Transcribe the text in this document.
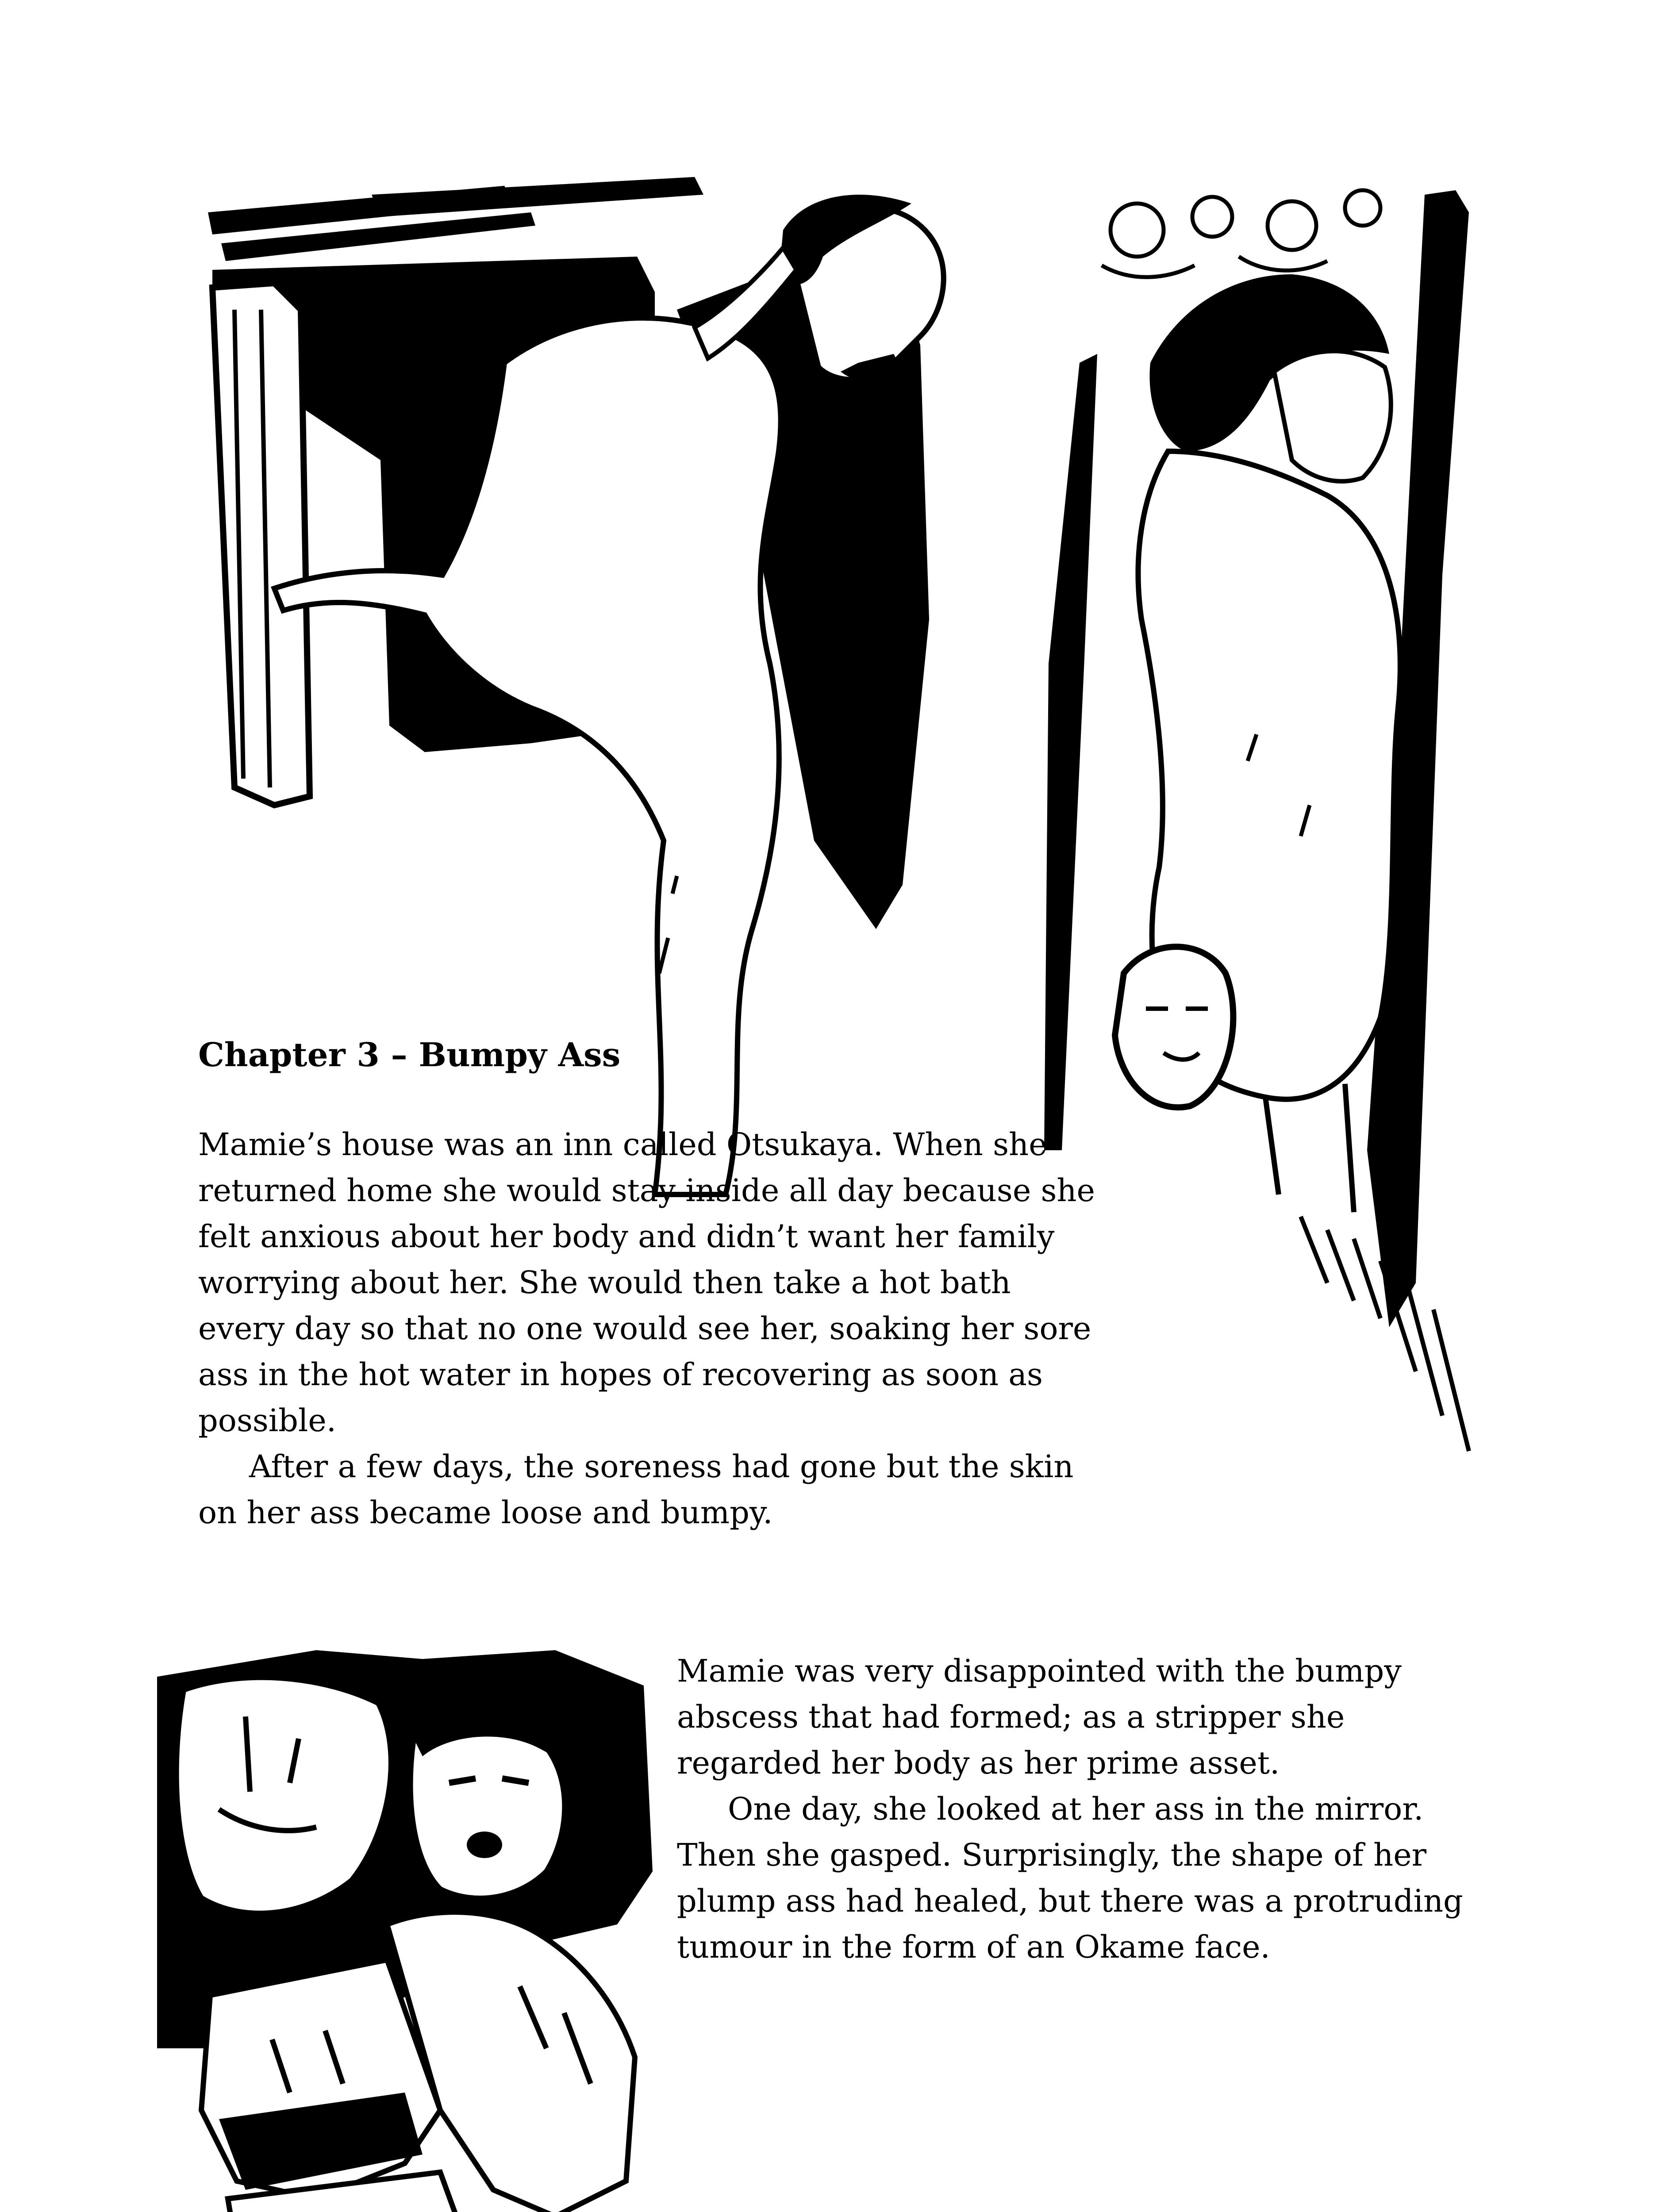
Chapter 3 – Bumpy Ass

Mamie’s house was an inn called Otsukaya. When she returned home she would stay inside all day because she felt anxious about her body and didn’t want her family worrying about her. She would then take a hot bath every day so that no one would see her, soaking her sore ass in the hot water in hopes of recovering as soon as possible.

After a few days, the soreness had gone but the skin on her ass became loose and bumpy.

Mamie was very disappointed with the bumpy abscess that had formed; as a stripper she regarded her body as her prime asset.

One day, she looked at her ass in the mirror. Then she gasped. Surprisingly, the shape of her plump ass had healed, but there was a protruding tumour in the form of an Okame face.
